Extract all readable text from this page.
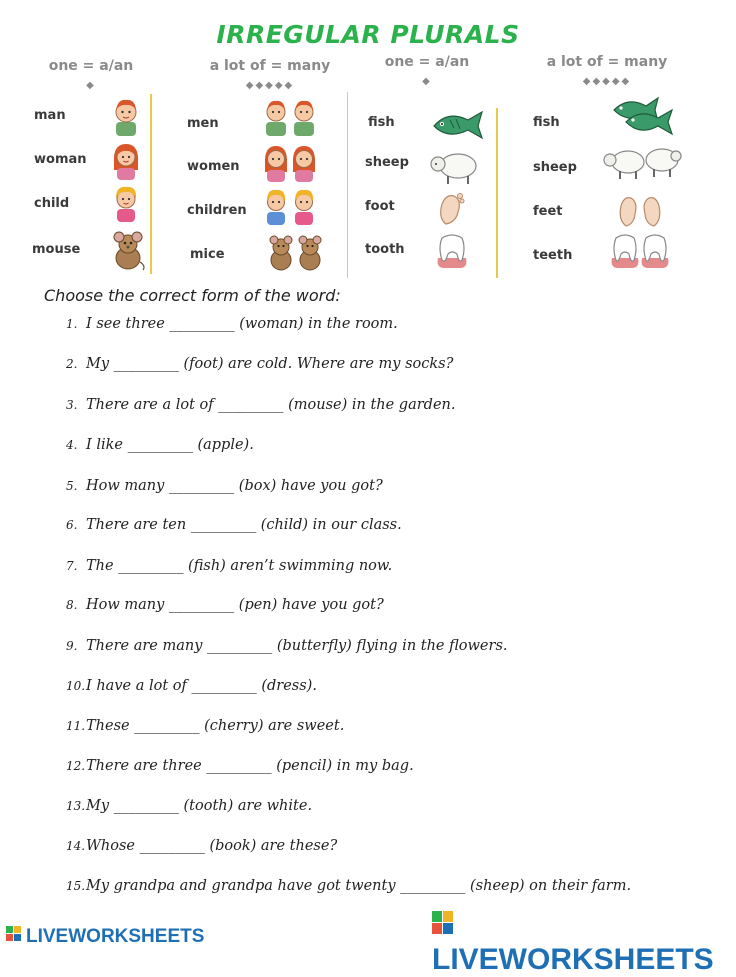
IRREGULAR PLURALS
one = a/an
◆
a lot of = many
◆◆◆◆◆
one = a/an
◆
a lot of = many
◆◆◆◆◆
man
woman
child
mouse
men
women
children
mice
fish
sheep
foot
tooth
fish
sheep
feet
teeth
Choose the correct form of the word:
1. I see three _________ (woman) in the room.
2. My _________ (foot) are cold. Where are my socks?
3. There are a lot of _________ (mouse) in the garden.
4. I like _________ (apple).
5. How many _________ (box) have you got?
6. There are ten _________ (child) in our class.
7. The _________ (fish) aren’t swimming now.
8. How many _________ (pen) have you got?
9. There are many _________ (butterfly) flying in the flowers.
10.I have a lot of _________ (dress).
11.These _________ (cherry) are sweet.
12.There are three _________ (pencil) in my bag.
13.My _________ (tooth) are white.
14.Whose _________ (book) are these?
15.My grandpa and grandpa have got twenty _________ (sheep) on their farm.
LIVEWORKSHEETS
LIVEWORKSHEETS
